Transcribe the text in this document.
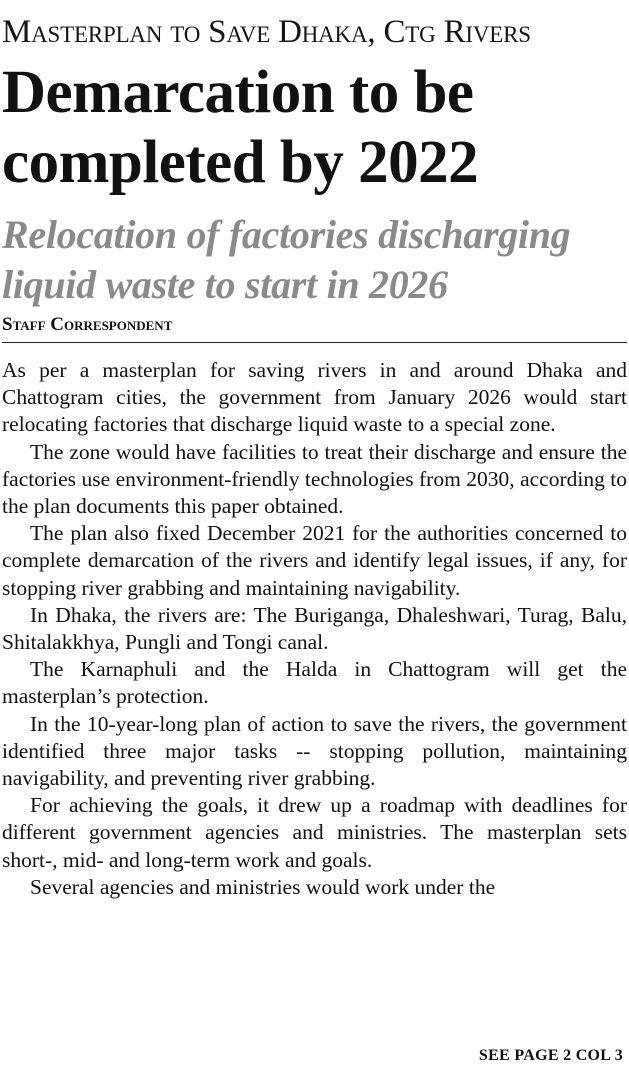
Masterplan to Save Dhaka, Ctg Rivers
Demarcation to be completed by 2022
Relocation of factories discharging liquid waste to start in 2026
Staff Correspondent

As per a masterplan for saving rivers in and around Dhaka and Chattogram cities, the government from January 2026 would start relocating factories that discharge liquid waste to a special zone.

The zone would have facilities to treat their discharge and ensure the factories use environment-friendly technologies from 2030, according to the plan documents this paper obtained.

The plan also fixed December 2021 for the authorities concerned to complete demarcation of the rivers and identify legal issues, if any, for stopping river grabbing and maintaining navigability.

In Dhaka, the rivers are: The Buriganga, Dhaleshwari, Turag, Balu, Shitalakkhya, Pungli and Tongi canal.

The Karnaphuli and the Halda in Chattogram will get the masterplan’s protection.

In the 10-year-long plan of action to save the rivers, the government identified three major tasks -- stopping pollution, maintaining navigability, and preventing river grabbing.

For achieving the goals, it drew up a roadmap with deadlines for different government agencies and ministries. The masterplan sets short-, mid- and long-term work and goals.

Several agencies and ministries would work under the

SEE PAGE 2 COL 3
